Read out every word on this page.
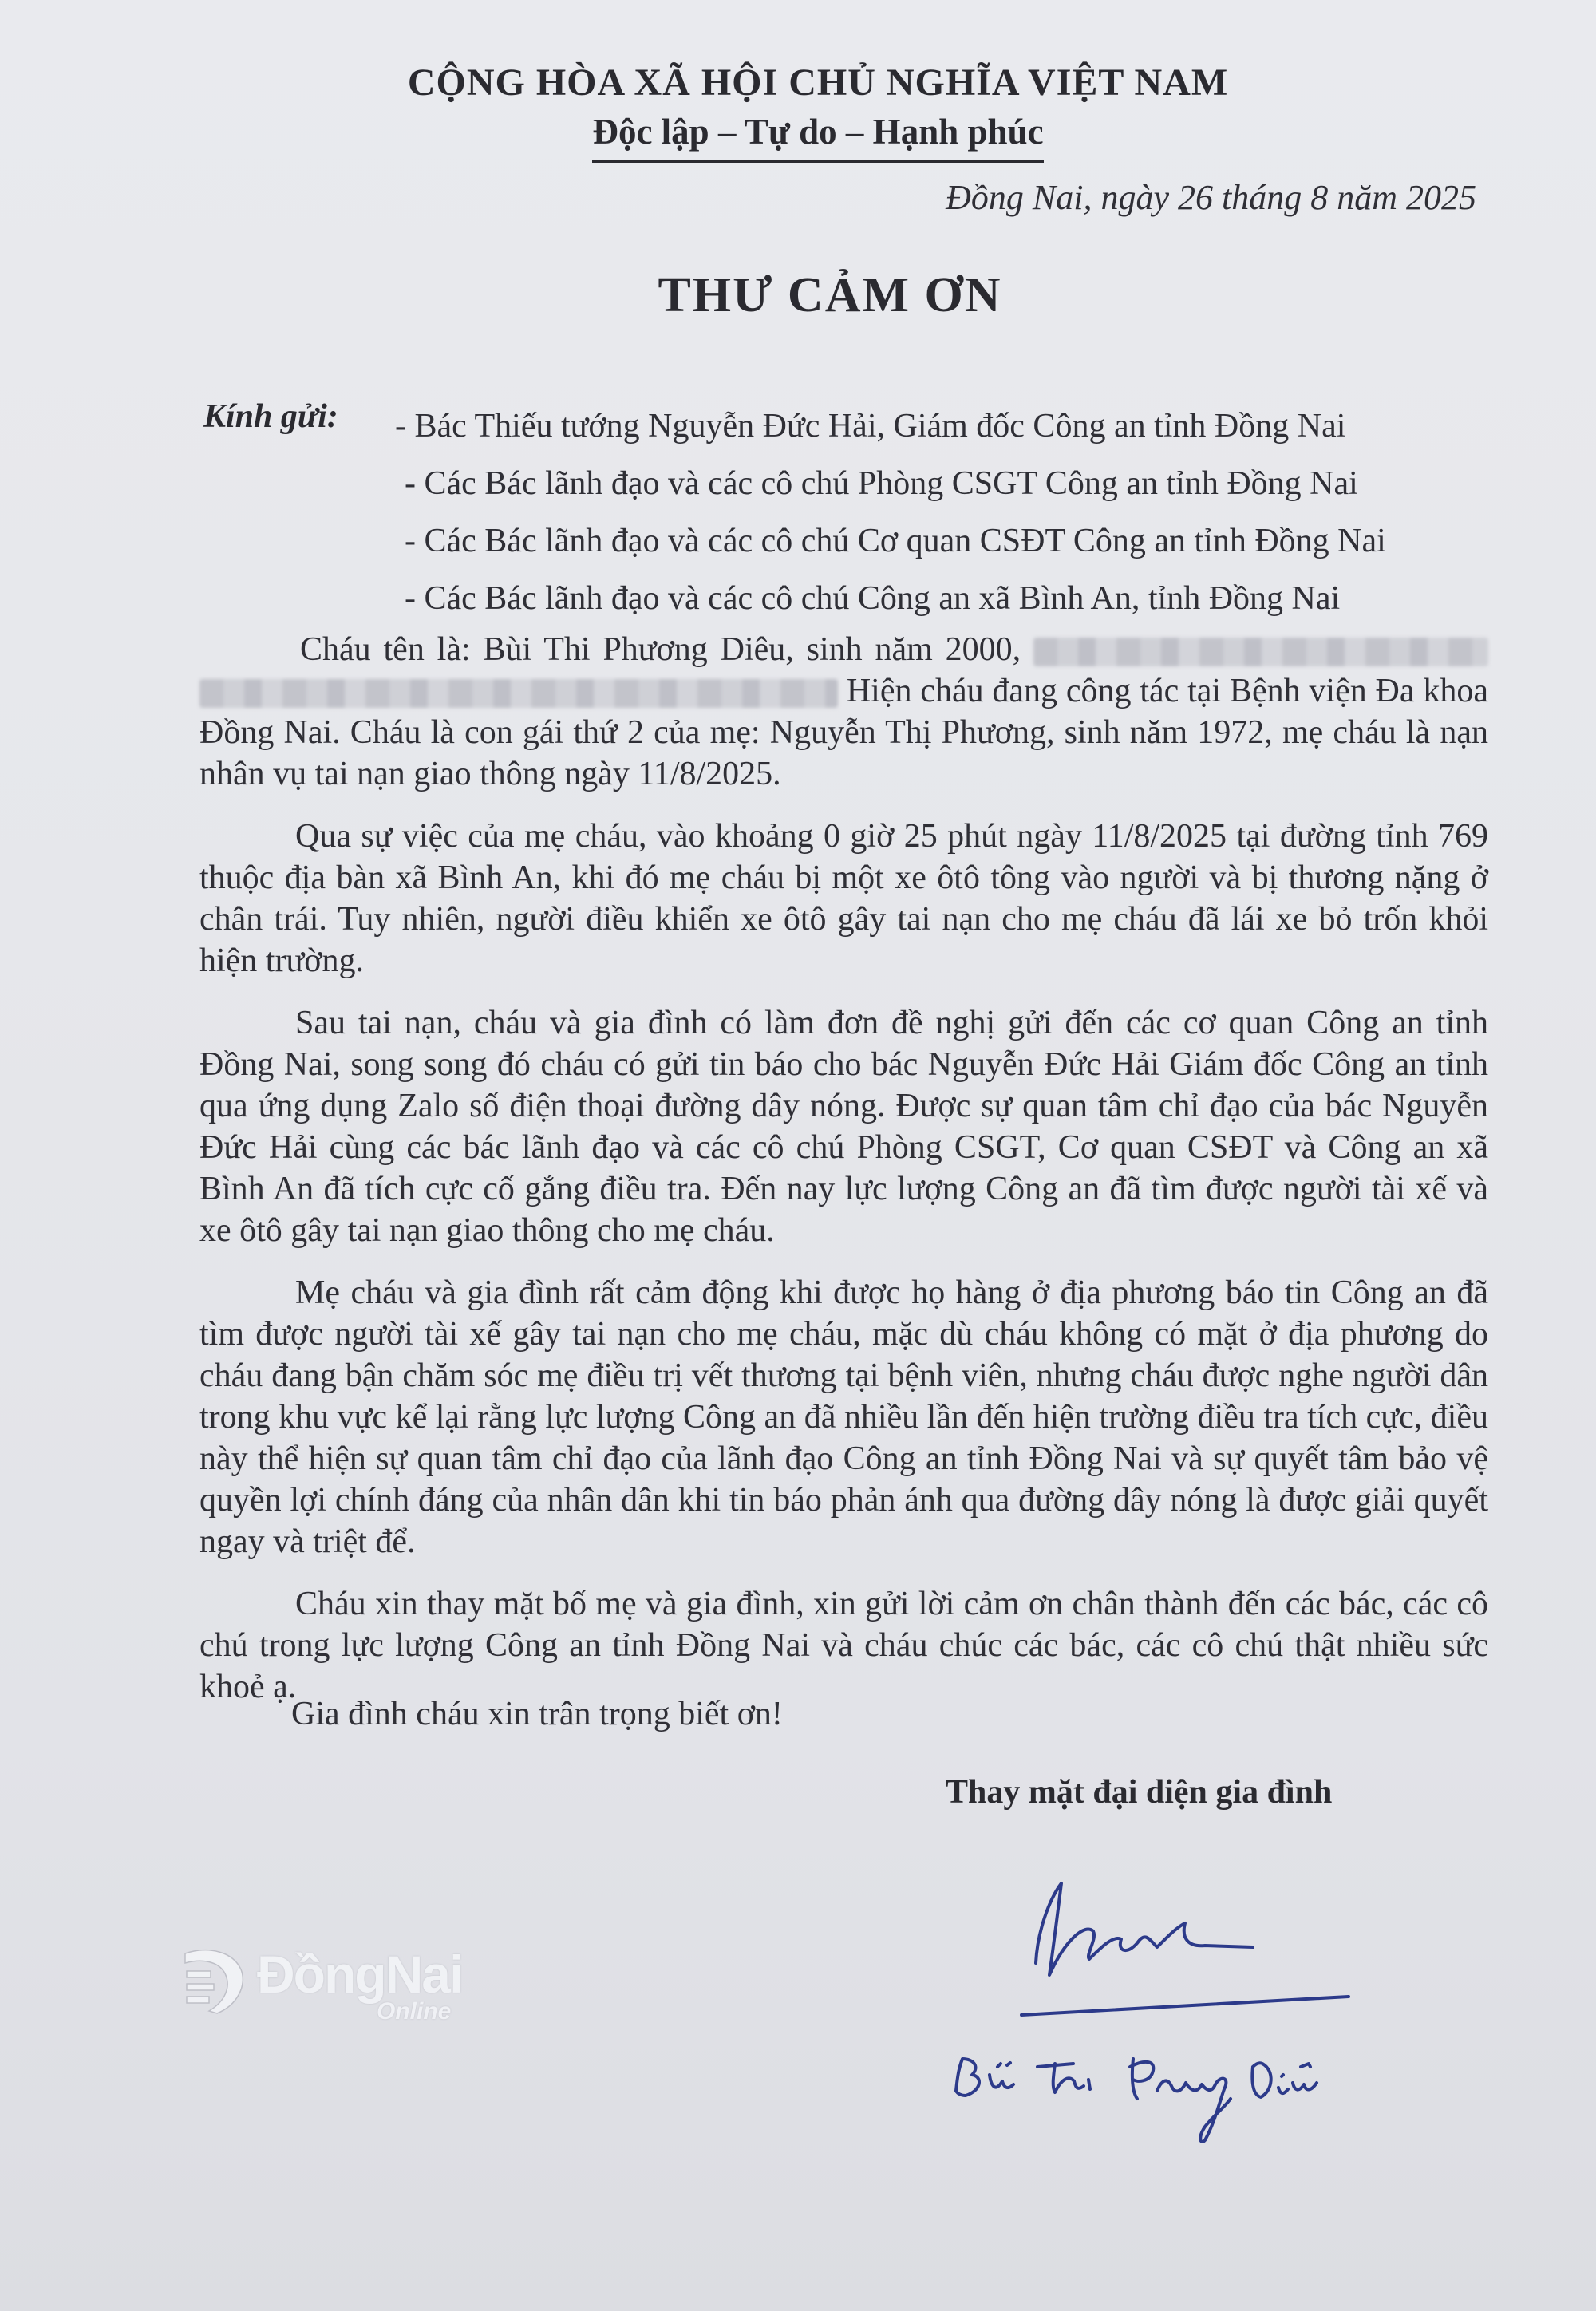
CỘNG HÒA XÃ HỘI CHỦ NGHĨA VIỆT NAM
Độc lập – Tự do – Hạnh phúc
Đồng Nai, ngày 26 tháng 8 năm 2025
THƯ CẢM ƠN
Kính gửi: - Bác Thiếu tướng Nguyễn Đức Hải, Giám đốc Công an tỉnh Đồng Nai
- Các Bác lãnh đạo và các cô chú Phòng CSGT Công an tỉnh Đồng Nai
- Các Bác lãnh đạo và các cô chú Cơ quan CSĐT Công an tỉnh Đồng Nai
- Các Bác lãnh đạo và các cô chú Công an xã Bình An, tỉnh Đồng Nai

Cháu tên là: Bùi Thi Phương Diêu, sinh năm 2000,   Hiện cháu đang công tác tại Bệnh viện Đa khoa Đồng Nai. Cháu là con gái thứ 2 của mẹ: Nguyễn Thị Phương, sinh năm 1972, mẹ cháu là nạn nhân vụ tai nạn giao thông ngày 11/8/2025.

Qua sự việc của mẹ cháu, vào khoảng 0 giờ 25 phút ngày 11/8/2025 tại đường tỉnh 769 thuộc địa bàn xã Bình An, khi đó mẹ cháu bị một xe ôtô tông vào người và bị thương nặng ở chân trái. Tuy nhiên, người điều khiển xe ôtô gây tai nạn cho mẹ cháu đã lái xe bỏ trốn khỏi hiện trường.

Sau tai nạn, cháu và gia đình có làm đơn đề nghị gửi đến các cơ quan Công an tỉnh Đồng Nai, song song đó cháu có gửi tin báo cho bác Nguyễn Đức Hải Giám đốc Công an tỉnh qua ứng dụng Zalo số điện thoại đường dây nóng. Được sự quan tâm chỉ đạo của bác Nguyễn Đức Hải cùng các bác lãnh đạo và các cô chú Phòng CSGT, Cơ quan CSĐT và Công an xã Bình An đã tích cực cố gắng điều tra. Đến nay lực lượng Công an đã tìm được người tài xế và xe ôtô gây tai nạn giao thông cho mẹ cháu.

Mẹ cháu và gia đình rất cảm động khi được họ hàng ở địa phương báo tin Công an đã tìm được người tài xế gây tai nạn cho mẹ cháu, mặc dù cháu không có mặt ở địa phương do cháu đang bận chăm sóc mẹ điều trị vết thương tại bệnh viên, nhưng cháu được nghe người dân trong khu vực kể lại rằng lực lượng Công an đã nhiều lần đến hiện trường điều tra tích cực, điều này thể hiện sự quan tâm chỉ đạo của lãnh đạo Công an tỉnh Đồng Nai và sự quyết tâm bảo vệ quyền lợi chính đáng của nhân dân khi tin báo phản ánh qua đường dây nóng là được giải quyết ngay và triệt để.

Cháu xin thay mặt bố mẹ và gia đình, xin gửi lời cảm ơn chân thành đến các bác, các cô chú trong lực lượng Công an tỉnh Đồng Nai và cháu chúc các bác, các cô chú thật nhiều sức khoẻ ạ.

Gia đình cháu xin trân trọng biết ơn!
Thay mặt đại diện gia đình
ĐồngNai
Online
